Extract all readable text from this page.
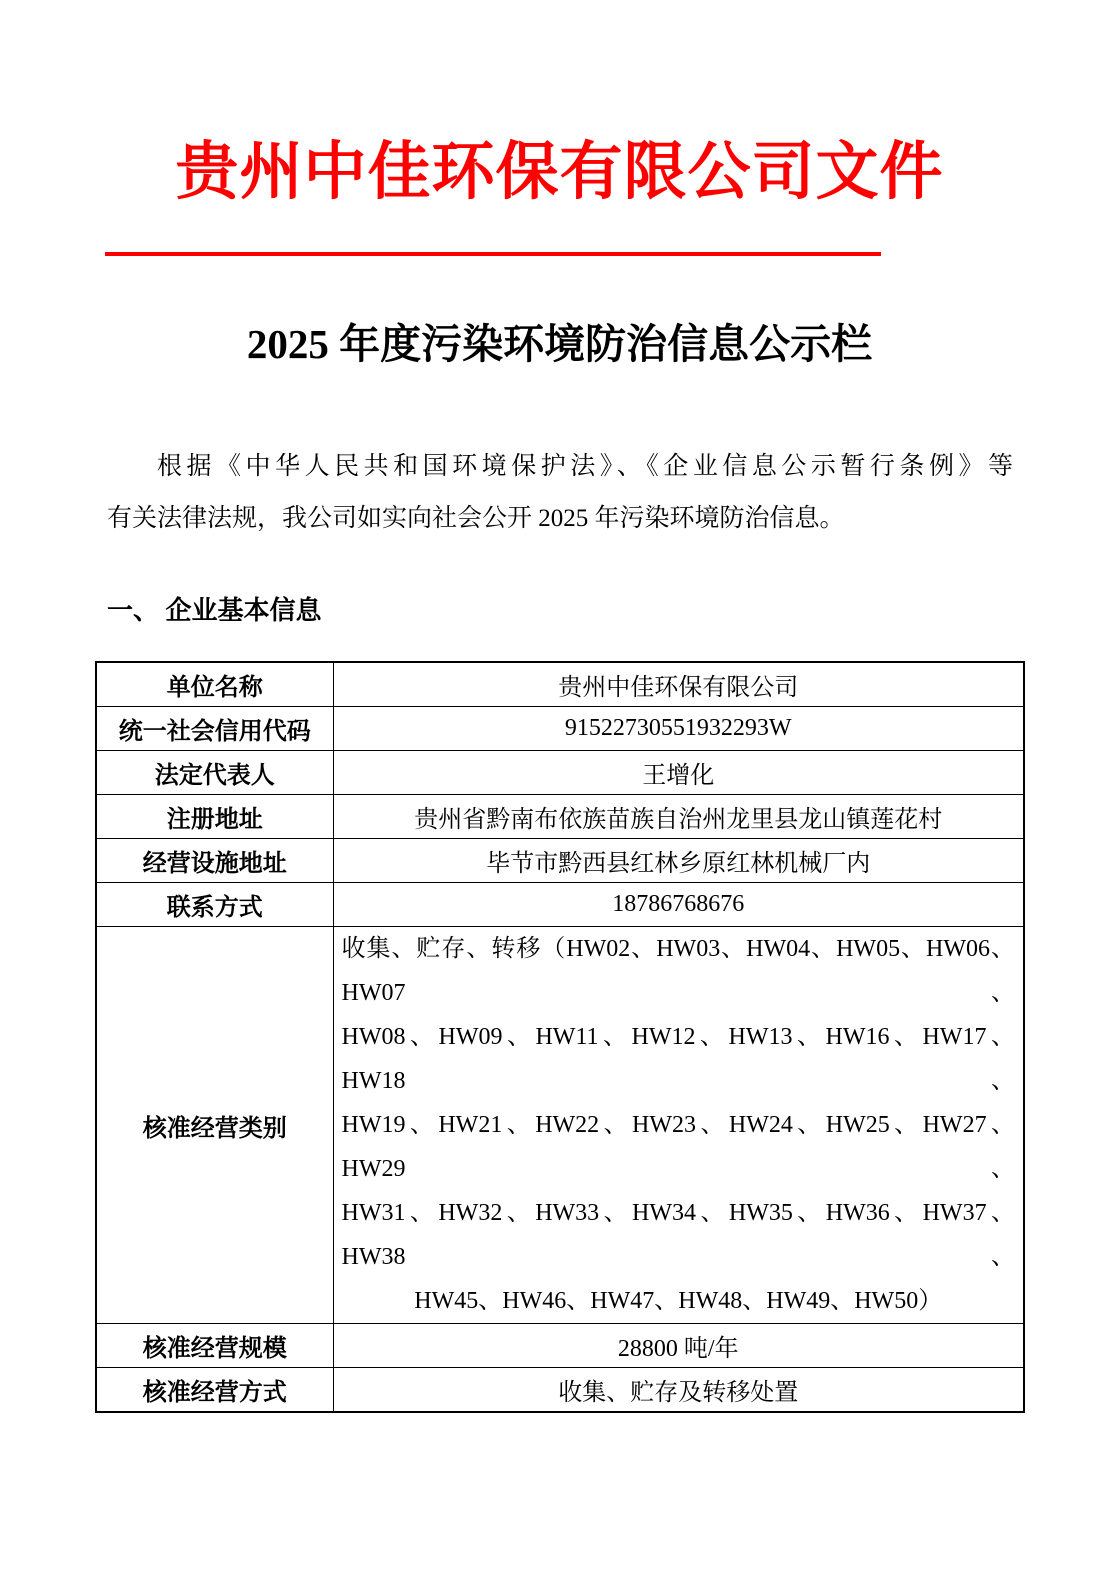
贵州中佳环保有限公司文件
2025 年度污染环境防治信息公示栏
根据《中华人民共和国环境保护法》、《企业信息公示暂行条例》等
有关法律法规，我公司如实向社会公开 2025 年污染环境防治信息。
一、 企业基本信息
单位名称	贵州中佳环保有限公司
统一社会信用代码	91522730551932293W
法定代表人	王增化
注册地址	贵州省黔南布依族苗族自治州龙里县龙山镇莲花村
经营设施地址	毕节市黔西县红林乡原红林机械厂内
联系方式	18786768676
核准经营类别	收集、贮存、转移（HW02、HW03、HW04、HW05、HW06、HW07、
HW08、HW09、HW11、HW12、HW13、HW16、HW17、HW18、
HW19、HW21、HW22、HW23、HW24、HW25、HW27、HW29、
HW31、HW32、HW33、HW34、HW35、HW36、HW37、HW38、
HW45、HW46、HW47、HW48、HW49、HW50）

核准经营规模	28800 吨/年
核准经营方式	收集、贮存及转移处置
